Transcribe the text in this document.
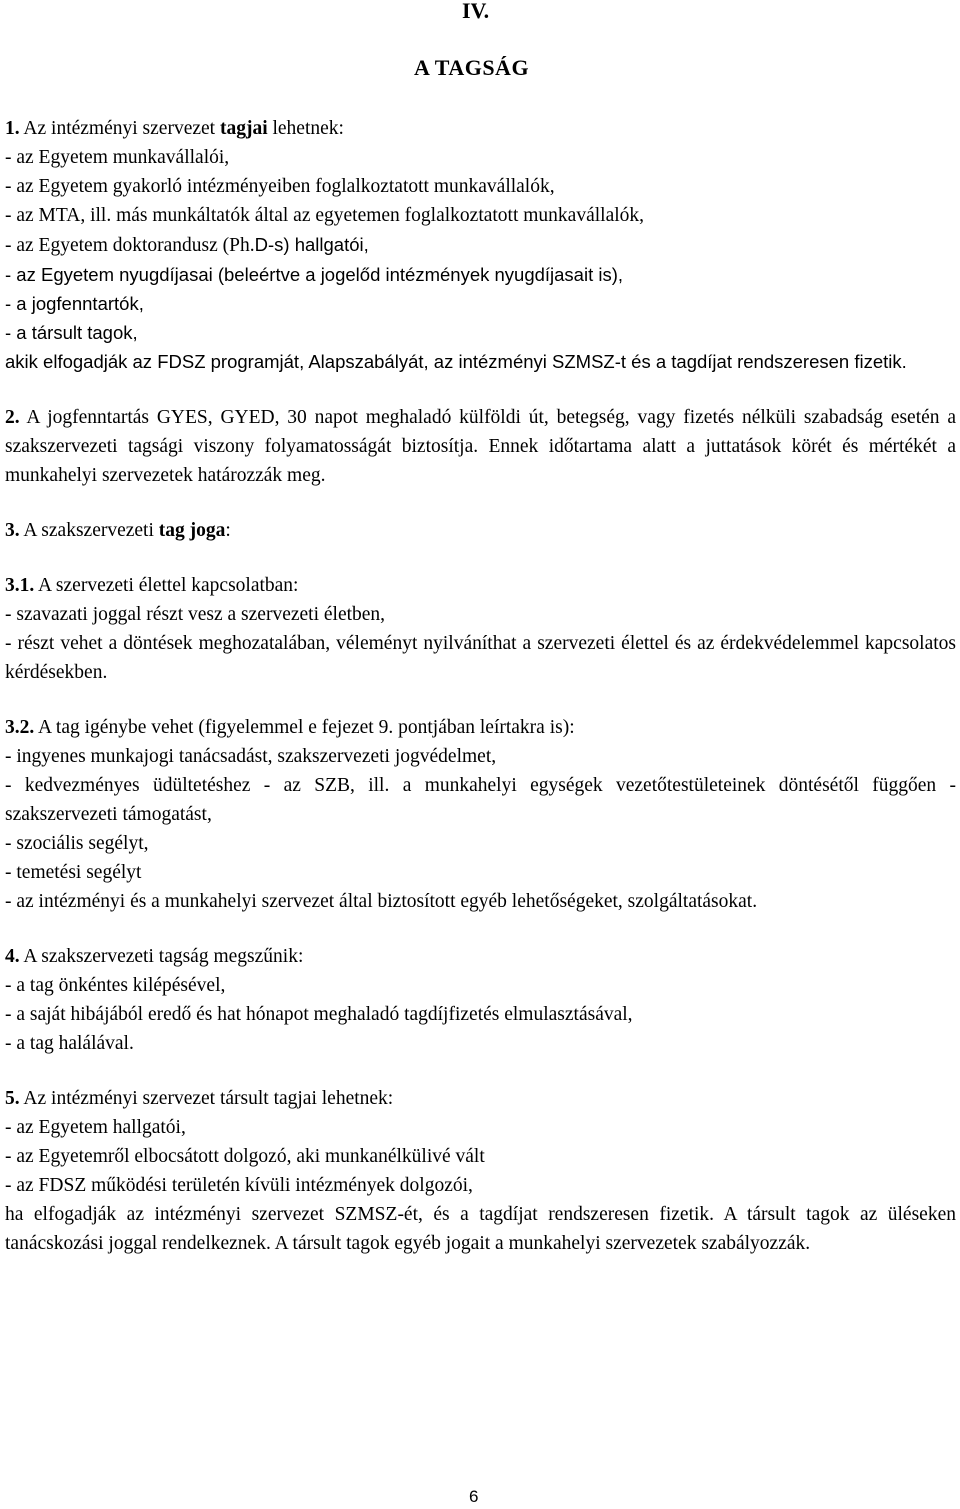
IV.
A TAGSÁG
1. Az intézményi szervezet tagjai lehetnek:
- az Egyetem munkavállalói,
- az Egyetem gyakorló intézményeiben foglalkoztatott munkavállalók,
- az MTA, ill. más munkáltatók által az egyetemen foglalkoztatott munkavállalók,
- az Egyetem doktorandusz (Ph.D-s) hallgatói,
- az Egyetem nyugdíjasai (beleértve a jogelőd intézmények nyugdíjasait is),
- a jogfenntartók,
- a társult tagok,
akik elfogadják az FDSZ programját, Alapszabályát, az intézményi SZMSZ-t és a tagdíjat rendszeresen fizetik.
2. A jogfenntartás GYES, GYED, 30 napot meghaladó külföldi út, betegség, vagy fizetés nélküli szabadság esetén a szakszervezeti tagsági viszony folyamatosságát biztosítja. Ennek időtartama alatt a juttatások körét és mértékét a munkahelyi szervezetek határozzák meg.
3. A szakszervezeti tag joga:
3.1. A szervezeti élettel kapcsolatban:
- szavazati joggal részt vesz a szervezeti életben,
- részt vehet a döntések meghozatalában, véleményt nyilváníthat a szervezeti élettel és az érdekvédelemmel kapcsolatos kérdésekben.
3.2. A tag igénybe vehet (figyelemmel e fejezet 9. pontjában leírtakra is):
- ingyenes munkajogi tanácsadást, szakszervezeti jogvédelmet,
- kedvezményes üdültetéshez - az SZB, ill. a munkahelyi egységek vezetőtestületeinek döntésétől függően - szakszervezeti támogatást,
- szociális segélyt,
- temetési segélyt
- az intézményi és a munkahelyi szervezet által biztosított egyéb lehetőségeket, szolgáltatásokat.
4. A szakszervezeti tagság megszűnik:
- a tag önkéntes kilépésével,
- a saját hibájából eredő és hat hónapot meghaladó tagdíjfizetés elmulasztásával,
- a tag halálával.
5. Az intézményi szervezet társult tagjai lehetnek:
- az Egyetem hallgatói,
- az Egyetemről elbocsátott dolgozó, aki munkanélkülivé vált
- az FDSZ működési területén kívüli intézmények dolgozói,
ha elfogadják az intézményi szervezet SZMSZ-ét, és a tagdíjat rendszeresen fizetik. A társult tagok az üléseken tanácskozási joggal rendelkeznek. A társult tagok egyéb jogait a munkahelyi szervezetek szabályozzák.
6
